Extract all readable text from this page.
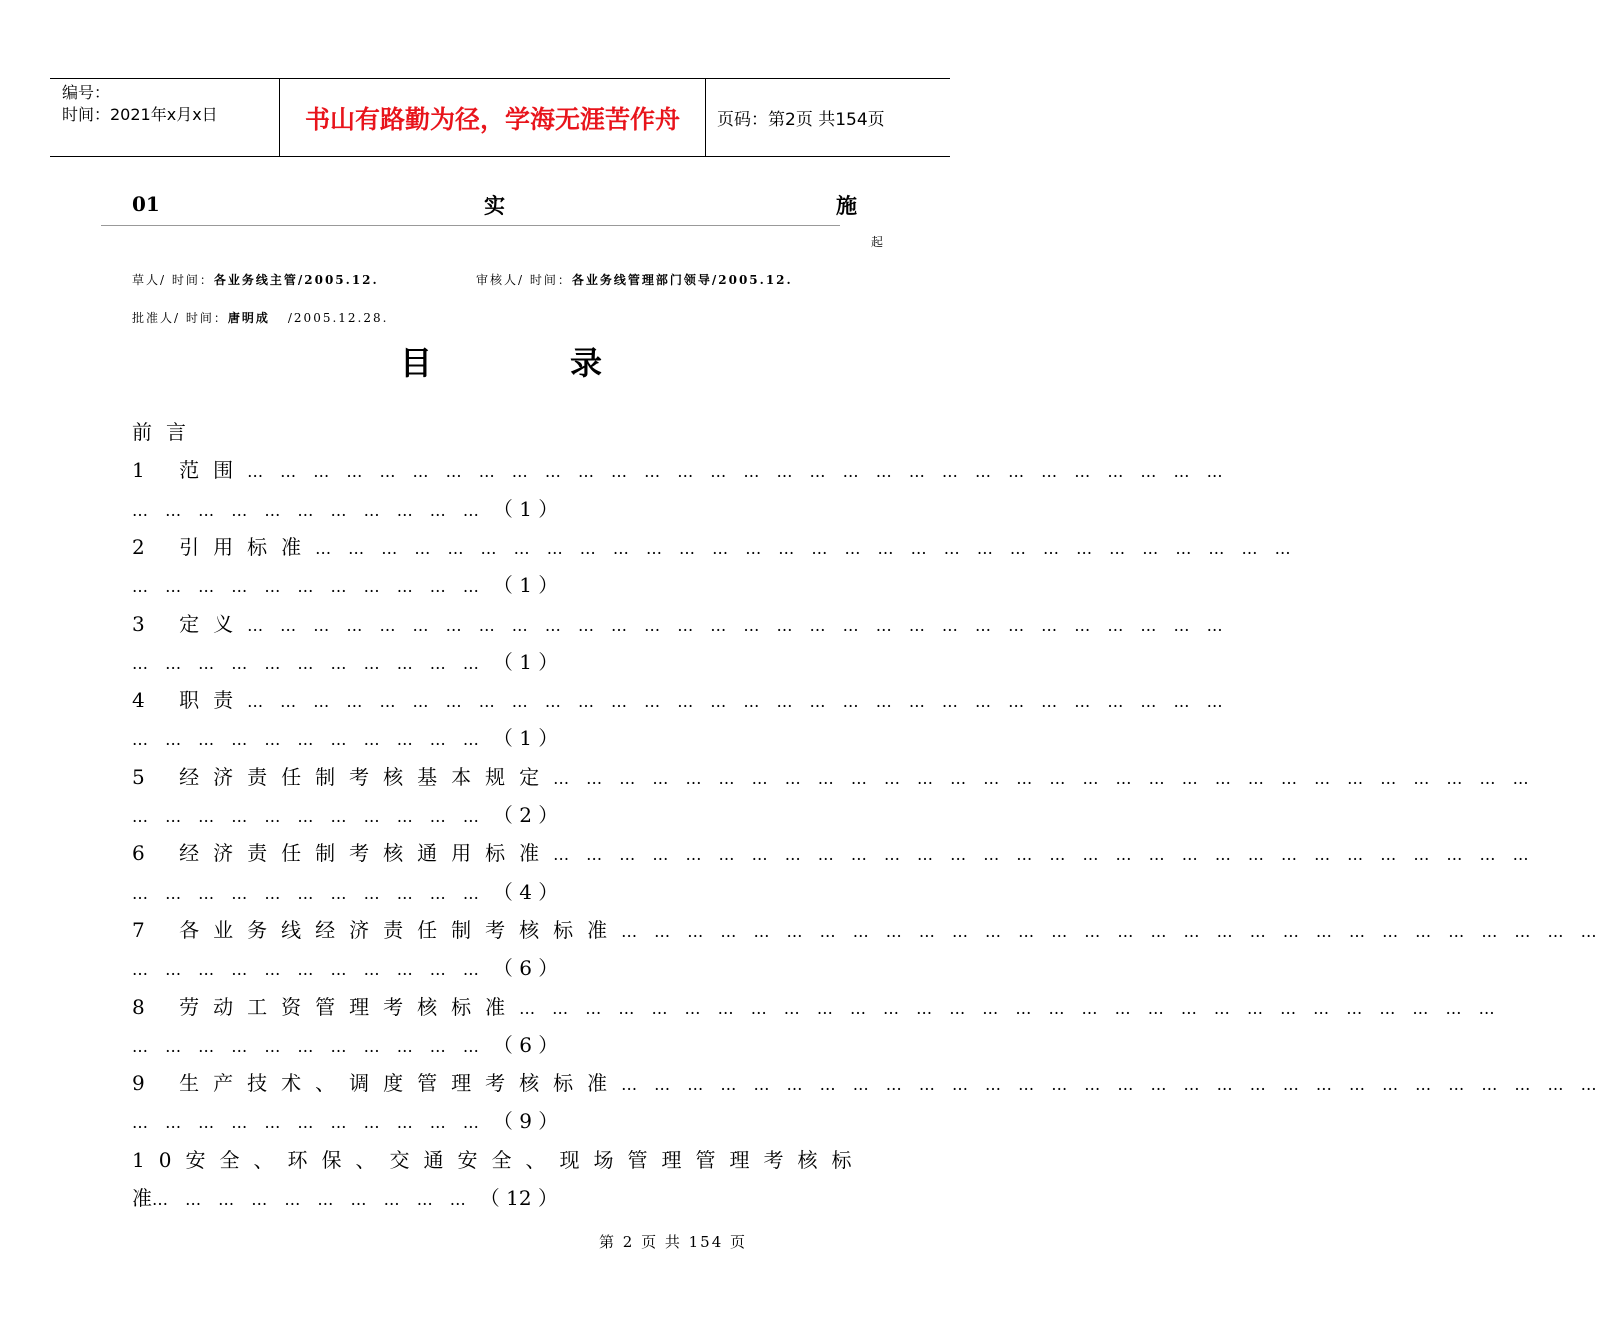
编号：
时间：2021年x月x日	书山有路勤为径，学海无涯苦作舟	页码：第2页 共154页
01	实	施
起
草人/ 时间：各业务线主管/2005.12.	审核人/ 时间：各业务线管理部门领导/2005.12.
批准人/ 时间：唐明成 /2005.12.28.
目	录
前言
1 范围… … … … … … … … … … … … … … … … … … … … … … … … … … … … … …
… … … … … … … … … … … （ 1 ）
2 引用标准… … … … … … … … … … … … … … … … … … … … … … … … … … … … … …
… … … … … … … … … … … （ 1 ）
3 定义… … … … … … … … … … … … … … … … … … … … … … … … … … … … … …
… … … … … … … … … … … （ 1 ）
4 职责… … … … … … … … … … … … … … … … … … … … … … … … … … … … … …
… … … … … … … … … … … （ 1 ）
5 经济责任制考核基本规定… … … … … … … … … … … … … … … … … … … … … … … … … … … … … …
… … … … … … … … … … … （ 2 ）
6 经济责任制考核通用标准… … … … … … … … … … … … … … … … … … … … … … … … … … … … … …
… … … … … … … … … … … （ 4 ）
7 各业务线经济责任制考核标准… … … … … … … … … … … … … … … … … … … … … … … … … … … … … …
… … … … … … … … … … … （ 6 ）
8 劳动工资管理考核标准… … … … … … … … … … … … … … … … … … … … … … … … … … … … … …
… … … … … … … … … … … （ 6 ）
9 生产技术、调度管理考核标准… … … … … … … … … … … … … … … … … … … … … … … … … … … … … …
… … … … … … … … … … … （ 9 ）
10安全、环保、交通安全、现场管理管理考核标
准… … … … … … … … … … （ 12 ）
第 2 页 共 154 页
